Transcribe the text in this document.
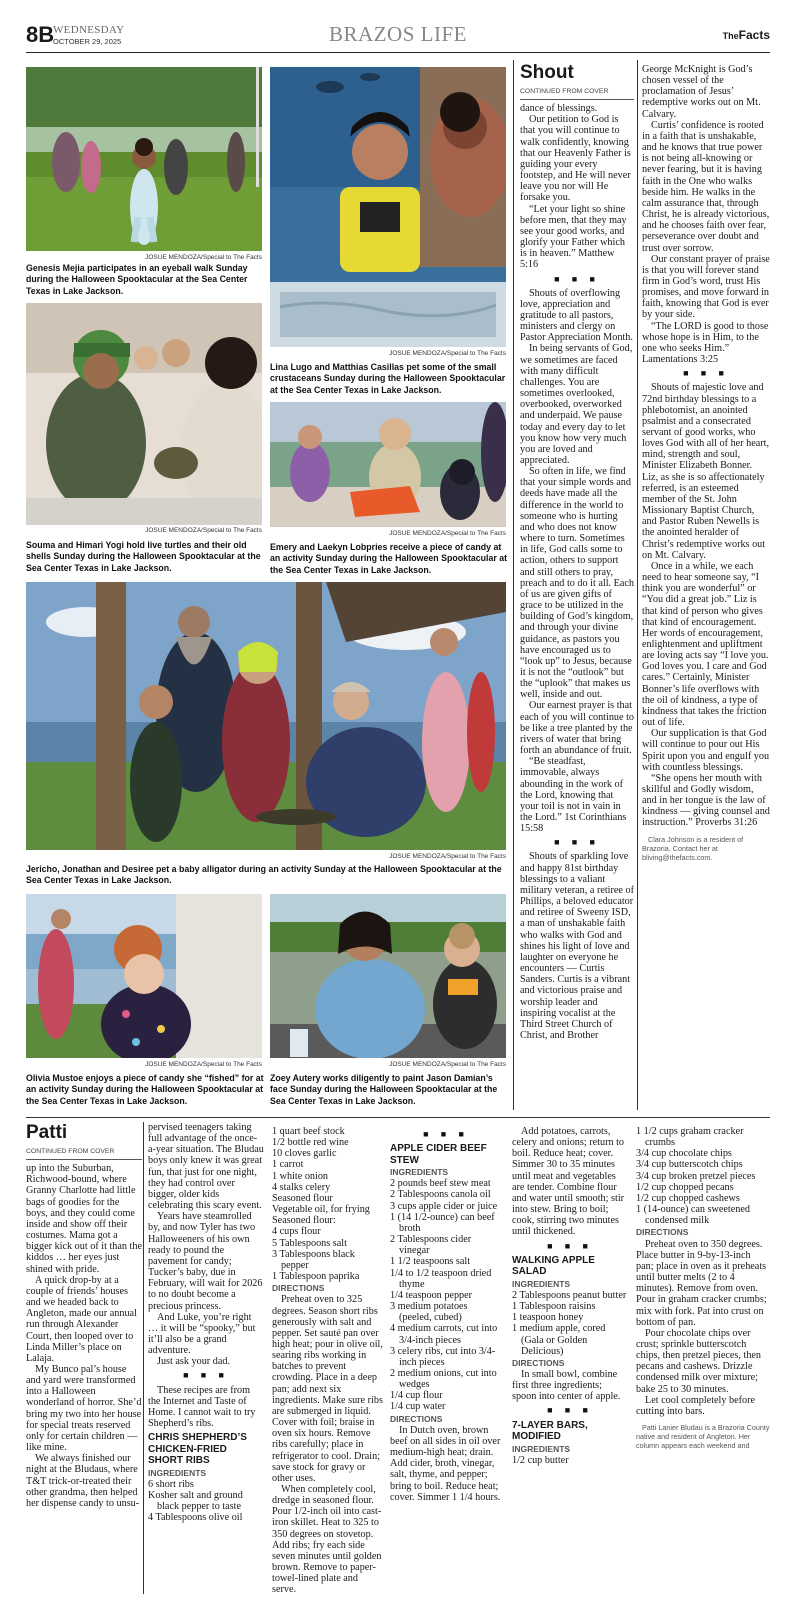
8B
WEDNESDAY
OCTOBER 29, 2025	BRAZOS LIFE	TheFacts
JOSUE MENDOZA/Special to The Facts
Genesis Mejia participates in an eyeball walk Sunday during the Halloween Spooktacular at the Sea Center Texas in Lake Jackson.
JOSUE MENDOZA/Special to The Facts
Lina Lugo and Matthias Casillas pet some of the small crustaceans Sunday during the Halloween Spooktacular at the Sea Center Texas in Lake Jackson.
JOSUE MENDOZA/Special to The Facts
Souma and Himari Yogi hold live turtles and their old shells Sunday during the Halloween Spooktacular at the Sea Center Texas in Lake Jackson.
JOSUE MENDOZA/Special to The Facts
Emery and Laekyn Lobpries receive a piece of candy at an activity Sunday during the Halloween Spooktacular at the Sea Center Texas in Lake Jackson.
JOSUE MENDOZA/Special to The Facts
Jericho, Jonathan and Desiree pet a baby alligator during an activity Sunday at the Halloween Spooktacular at the Sea Center Texas in Lake Jackson.
JOSUE MENDOZA/Special to The Facts
Olivia Mustoe enjoys a piece of candy she “fished” for at an activity Sunday during the Halloween Spooktacular at the Sea Center Texas in Lake Jackson.
JOSUE MENDOZA/Special to The Facts
Zoey Autery works diligently to paint Jason Damian’s face Sunday during the Halloween Spooktacular at the Sea Center Texas in Lake Jackson.
Shout
CONTINUED FROM COVER

dance of blessings.

Our petition to God is that you will continue to walk confidently, knowing that our Heavenly Father is guiding your every footstep, and He will never leave you nor will He forsake you.

“Let your light so shine before men, that they may see your good works, and glorify your Father which is in heaven.” Matthew 5:16

■ ■ ■

Shouts of overflowing love, appreciation and gratitude to all pastors, ministers and clergy on Pastor Appreciation Month.

In being servants of God, we sometimes are faced with many difficult challenges. You are sometimes overlooked, overbooked, overworked and underpaid. We pause today and every day to let you know how very much you are loved and appreciated.

So often in life, we find that your simple words and deeds have made all the difference in the world to someone who is hurting and who does not know where to turn. Sometimes in life, God calls some to action, others to support and still others to pray, preach and to do it all. Each of us are given gifts of grace to be utilized in the building of God’s kingdom, and through your divine guidance, as pastors you have encouraged us to “look up” to Jesus, because it is not the “outlook” but the “uplook” that makes us well, inside and out.

Our earnest prayer is that each of you will continue to be like a tree planted by the rivers of water that bring forth an abundance of fruit.

“Be steadfast, immovable, always abounding in the work of the Lord, knowing that your toil is not in vain in the Lord.” 1st Corinthians 15:58

■ ■ ■

Shouts of sparkling love and happy 81st birthday blessings to a valiant military veteran, a retiree of Phillips, a beloved educator and retiree of Sweeny ISD, a man of unshakable faith who walks with God and shines his light of love and laughter on everyone he encounters — Curtis Sanders. Curtis is a vibrant and victorious praise and worship leader and inspiring vocalist at the Third Street Church of Christ, and Brother

George McKnight is God’s chosen vessel of the proclamation of Jesus’ redemptive works out on Mt. Calvary.

Curtis’ confidence is rooted in a faith that is unshakable, and he knows that true power is not being all-knowing or never fearing, but it is having faith in the One who walks beside him. He walks in the calm assurance that, through Christ, he is already victorious, and he chooses faith over fear, perseverance over doubt and trust over sorrow.

Our constant prayer of praise is that you will forever stand firm in God’s word, trust His promises, and move forward in faith, knowing that God is ever by your side.

“The LORD is good to those whose hope is in Him, to the one who seeks Him.” Lamentations 3:25

■ ■ ■

Shouts of majestic love and 72nd birthday blessings to a phlebotomist, an anointed psalmist and a consecrated servant of good works, who loves God with all of her heart, mind, strength and soul, Minister Elizabeth Bonner. Liz, as she is so affectionately referred, is an esteemed member of the St. John Missionary Baptist Church, and Pastor Ruben Newells is the anointed heralder of Christ’s redemptive works out on Mt. Calvary.

Once in a while, we each need to hear someone say, “I think you are wonderful” or “You did a great job.” Liz is that kind of person who gives that kind of encouragement. Her words of encouragement, enlightenment and upliftment are loving acts say “I love you. God loves you. I care and God cares.” Certainly, Minister Bonner’s life overflows with the oil of kindness, a type of kindness that takes the friction out of life.

Our supplication is that God will continue to pour out His Spirit upon you and engulf you with countless blessings.

“She opens her mouth with skillful and Godly wisdom, and in her tongue is the law of kindness — giving counsel and instruction.” Proverbs 31:26

Clara Johnson is a resident of Brazoria. Contact her at bliving@thefacts.com.
Patti
CONTINUED FROM COVER

up into the Suburban, Richwood-bound, where Granny Charlotte had little bags of goodies for the boys, and they could come inside and show off their costumes. Mama got a bigger kick out of it than the kiddos … her eyes just shined with pride.

A quick drop-by at a couple of friends’ houses and we headed back to Angleton, made our annual run through Alexander Court, then looped over to Linda Miller’s place on Lalaja.

My Bunco pal’s house and yard were transformed into a Halloween wonderland of horror. She’d bring my two into her house for special treats reserved only for certain children — like mine.

We always finished our night at the Bludaus, where T&T trick-or-treated their other grandma, then helped her dispense candy to unsu-

pervised teenagers taking full advantage of the once-a-year situation. The Bludau boys only knew it was great fun, that just for one night, they had control over bigger, older kids celebrating this scary event.

Years have steamrolled by, and now Tyler has two Halloweeners of his own ready to pound the pavement for candy; Tucker’s baby, due in February, will wait for 2026 to no doubt become a precious princess.

And Luke, you’re right … it will be “spooky,” but it’ll also be a grand adventure.

Just ask your dad.

■ ■ ■

These recipes are from the Internet and Taste of Home. I cannot wait to try Shepherd’s ribs.

CHRIS SHEPHERD’S CHICKEN-FRIED SHORT RIBS
INGREDIENTS

6 short ribs

Kosher salt and ground black pepper to taste

4 Tablespoons olive oil

1 quart beef stock

1/2 bottle red wine

10 cloves garlic

1 carrot

1 white onion

4 stalks celery

Seasoned flour

Vegetable oil, for frying

Seasoned flour:

4 cups flour

5 Tablespoons salt

3 Tablespoons black pepper

1 Tablespoon paprika

DIRECTIONS

Preheat oven to 325 degrees. Season short ribs generously with salt and pepper. Set sauté pan over high heat; pour in olive oil, searing ribs working in batches to prevent crowding. Place in a deep pan; add next six ingredients. Make sure ribs are submerged in liquid. Cover with foil; braise in oven six hours. Remove ribs carefully; place in refrigerator to cool. Drain; save stock for gravy or other uses.

When completely cool, dredge in seasoned flour. Pour 1/2-inch oil into cast-iron skillet. Heat to 325 to 350 degrees on stovetop. Add ribs; fry each side seven minutes until golden brown. Remove to paper-towel-lined plate and serve.

■ ■ ■
APPLE CIDER BEEF STEW
INGREDIENTS

2 pounds beef stew meat

2 Tablespoons canola oil

3 cups apple cider or juice

1 (14 1/2-ounce) can beef broth

2 Tablespoons cider vinegar

1 1/2 teaspoons salt

1/4 to 1/2 teaspoon dried thyme

1/4 teaspoon pepper

3 medium potatoes (peeled, cubed)

4 medium carrots, cut into 3/4-inch pieces

3 celery ribs, cut into 3/4-inch pieces

2 medium onions, cut into wedges

1/4 cup flour

1/4 cup water

DIRECTIONS

In Dutch oven, brown beef on all sides in oil over medium-high heat; drain. Add cider, broth, vinegar, salt, thyme, and pepper; bring to boil. Reduce heat; cover. Simmer 1 1/4 hours.

Add potatoes, carrots, celery and onions; return to boil. Reduce heat; cover. Simmer 30 to 35 minutes until meat and vegetables are tender. Combine flour and water until smooth; stir into stew. Bring to boil; cook, stirring two minutes until thickened.

■ ■ ■
WALKING APPLE SALAD
INGREDIENTS

2 Tablespoons peanut butter

1 Tablespoon raisins

1 teaspoon honey

1 medium apple, cored (Gala or Golden Delicious)

DIRECTIONS

In small bowl, combine first three ingredients; spoon into center of apple.

■ ■ ■
7-LAYER BARS, MODIFIED
INGREDIENTS

1/2 cup butter

1 1/2 cups graham cracker crumbs

3/4 cup chocolate chips

3/4 cup butterscotch chips

3/4 cup broken pretzel pieces

1/2 cup chopped pecans

1/2 cup chopped cashews

1 (14-ounce) can sweetened condensed milk

DIRECTIONS

Preheat oven to 350 degrees. Place butter in 9-by-13-inch pan; place in oven as it preheats until butter melts (2 to 4 minutes). Remove from oven. Pour in graham cracker crumbs; mix with fork. Pat into crust on bottom of pan.

Pour chocolate chips over crust; sprinkle butterscotch chips, then pretzel pieces, then pecans and cashews. Drizzle condensed milk over mixture; bake 25 to 30 minutes.

Let cool completely before cutting into bars.

Patti Lanier Bludau is a Brazoria County native and resident of Angleton. Her column appears each weekend and
